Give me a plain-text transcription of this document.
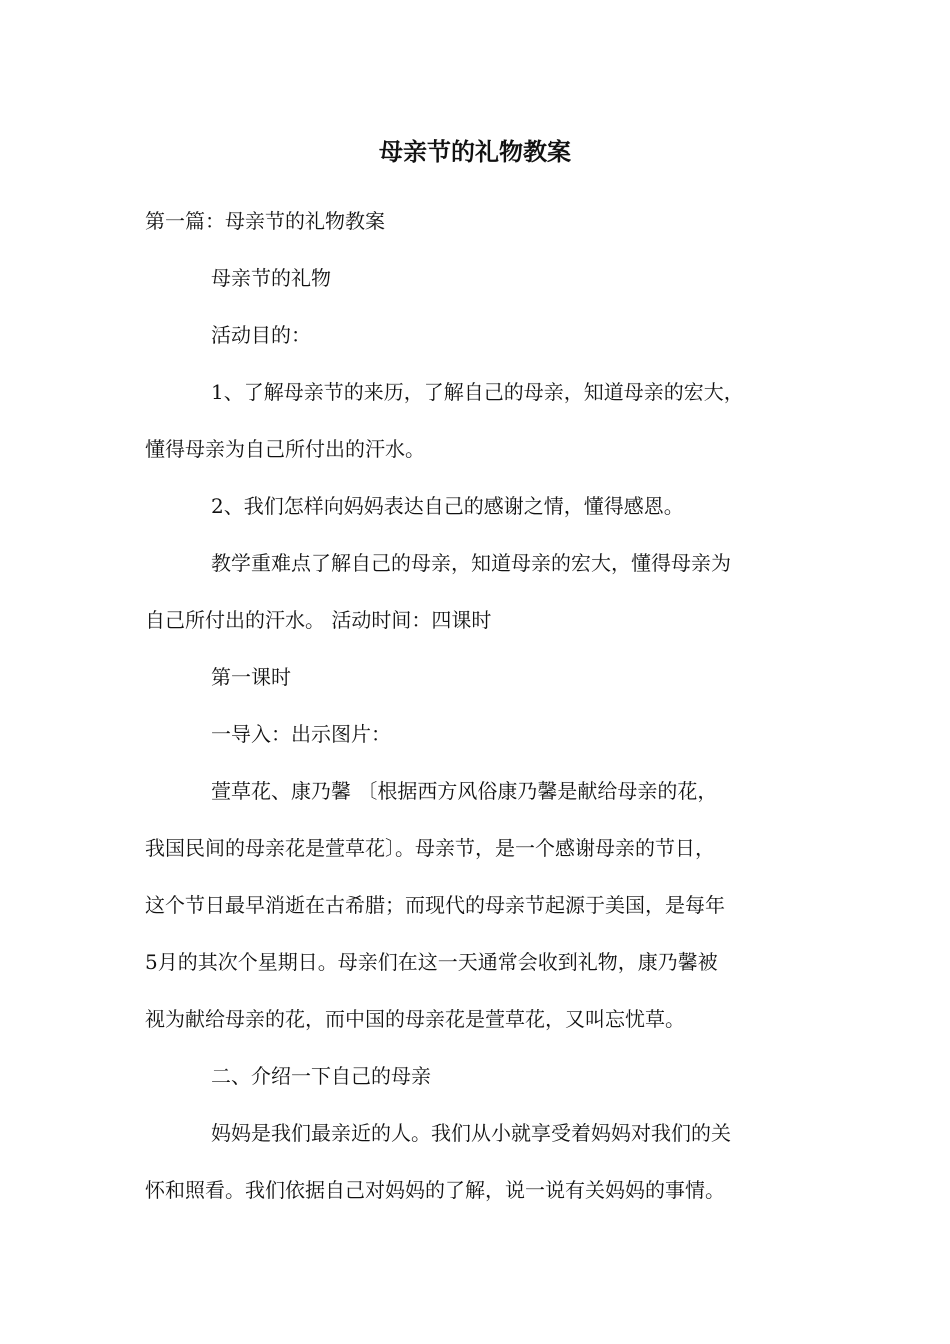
母亲节的礼物教案
第一篇：母亲节的礼物教案
母亲节的礼物
活动目的：
1、了解母亲节的来历，了解自己的母亲，知道母亲的宏大，
懂得母亲为自己所付出的汗水。
2、我们怎样向妈妈表达自己的感谢之情，懂得感恩。
教学重难点了解自己的母亲，知道母亲的宏大，懂得母亲为
自己所付出的汗水。 活动时间：四课时
第一课时
一导入：出示图片：
萱草花、康乃馨 〔根据西方风俗康乃馨是献给母亲的花，
我国民间的母亲花是萱草花〕。母亲节，是一个感谢母亲的节日，
这个节日最早消逝在古希腊；而现代的母亲节起源于美国，是每年
5月的其次个星期日。母亲们在这一天通常会收到礼物，康乃馨被
视为献给母亲的花，而中国的母亲花是萱草花，又叫忘忧草。
二、介绍一下自己的母亲
妈妈是我们最亲近的人。我们从小就享受着妈妈对我们的关
怀和照看。我们依据自己对妈妈的了解，说一说有关妈妈的事情。
